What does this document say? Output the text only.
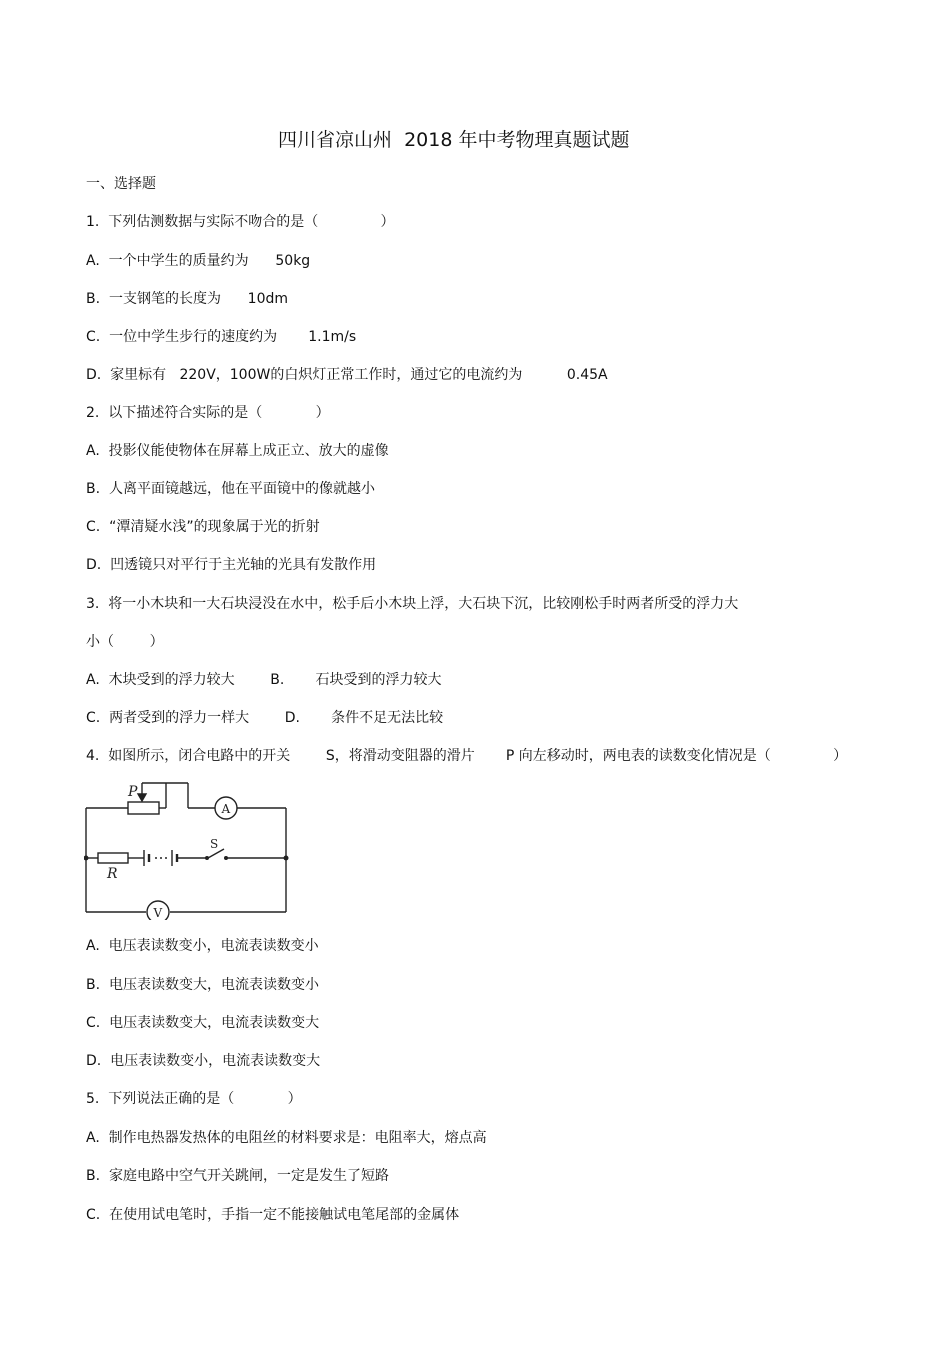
四川省凉山州  2018 年中考物理真题试题
一、选择题
1.  下列估测数据与实际不吻合的是（              ）
A.  一个中学生的质量约为      50kg
B.  一支钢笔的长度为      10dm
C.  一位中学生步行的速度约为       1.1m/s
D.  家里标有   220V，100W的白炽灯正常工作时，通过它的电流约为          0.45A
2.  以下描述符合实际的是（            ）
A.  投影仪能使物体在屏幕上成正立、放大的虚像
B.  人离平面镜越远，他在平面镜中的像就越小
C.  “潭清疑水浅”的现象属于光的折射
D.  凹透镜只对平行于主光轴的光具有发散作用
3.  将一小木块和一大石块浸没在水中，松手后小木块上浮，大石块下沉，比较刚松手时两者所受的浮力大
小（        ）
A.  木块受到的浮力较大        B.       石块受到的浮力较大
C.  两者受到的浮力一样大        D.       条件不足无法比较
4.  如图所示，闭合电路中的开关        S，将滑动变阻器的滑片       P 向左移动时，两电表的读数变化情况是（              ）
P
A
R
S
V
A.  电压表读数变小，电流表读数变小
B.  电压表读数变大，电流表读数变小
C.  电压表读数变大，电流表读数变大
D.  电压表读数变小，电流表读数变大
5.  下列说法正确的是（            ）
A.  制作电热器发热体的电阻丝的材料要求是：电阻率大，熔点高
B.  家庭电路中空气开关跳闸，一定是发生了短路
C.  在使用试电笔时，手指一定不能接触试电笔尾部的金属体
